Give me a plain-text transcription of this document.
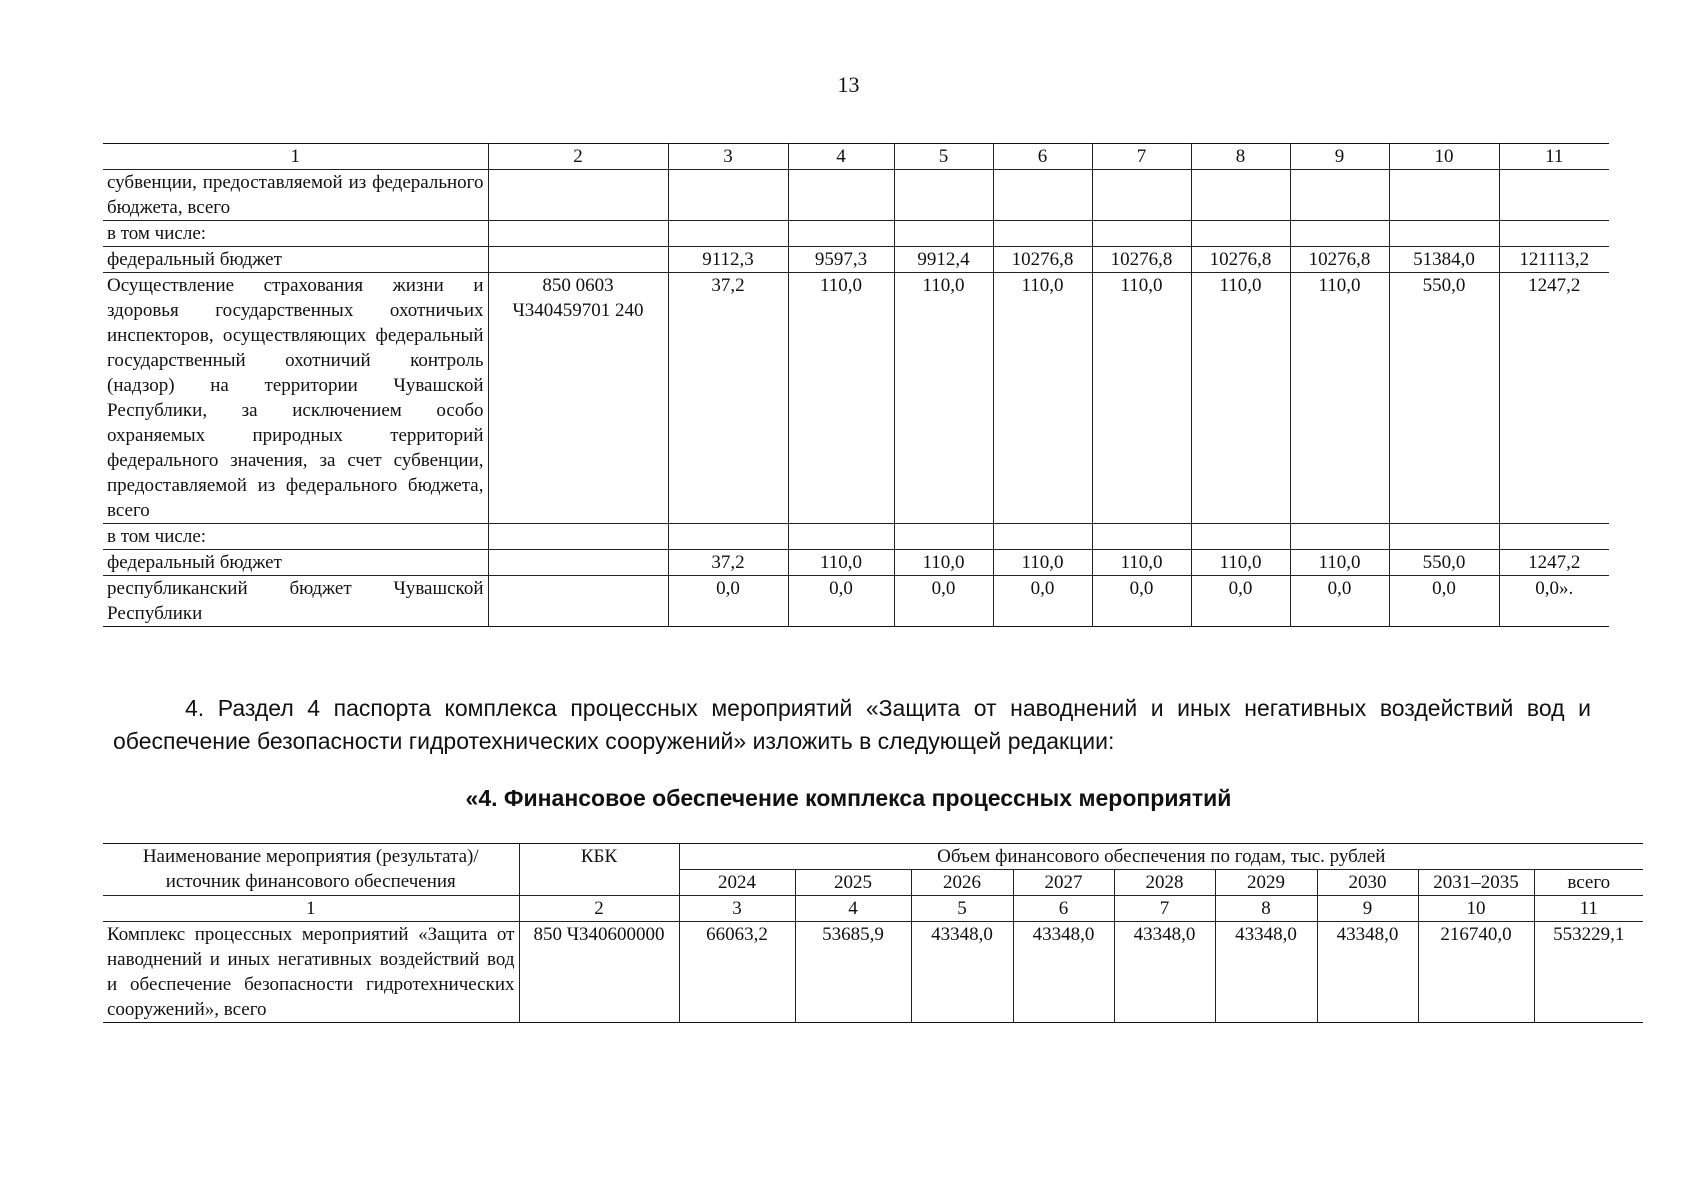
13
1	2	3	4	5	6	7	8	9	10	11
субвенции, предоставляемой из федерального бюджета, всего										
в том числе:										
федеральный бюджет		9112,3	9597,3	9912,4	10276,8	10276,8	10276,8	10276,8	51384,0	121113,2
Осуществление страхования жизни и здоровья государственных охотничьих инспекторов, осуществляющих федеральный государственный охотничий контроль (надзор) на территории Чувашской Республики, за исключением особо охраняемых природных территорий федерального значения, за счет субвенции, предоставляемой из федерального бюджета, всего	850 0603 Ч340459701 240	37,2	110,0	110,0	110,0	110,0	110,0	110,0	550,0	1247,2
в том числе:										
федеральный бюджет		37,2	110,0	110,0	110,0	110,0	110,0	110,0	550,0	1247,2
республиканский бюджет Чувашской Республики		0,0	0,0	0,0	0,0	0,0	0,0	0,0	0,0	0,0».
4. Раздел 4 паспорта комплекса процессных мероприятий «Защита от наводнений и иных негативных воздействий вод и обеспечение безопасности гидротехнических сооружений» изложить в следующей редакции:
«4. Финансовое обеспечение комплекса процессных мероприятий
Наименование мероприятия (результата)/источник финансового обеспечения	КБК	Объем финансового обеспечения по годам, тыс. рублей								
		2024	2025	2026	2027	2028	2029	2030	2031–2035	всего
1	2	3	4	5	6	7	8	9	10	11
Комплекс процессных мероприятий «Защита от наводнений и иных негативных воздействий вод и обеспечение безопасности гидротехнических сооружений», всего	850 Ч340600000	66063,2	53685,9	43348,0	43348,0	43348,0	43348,0	43348,0	216740,0	553229,1
